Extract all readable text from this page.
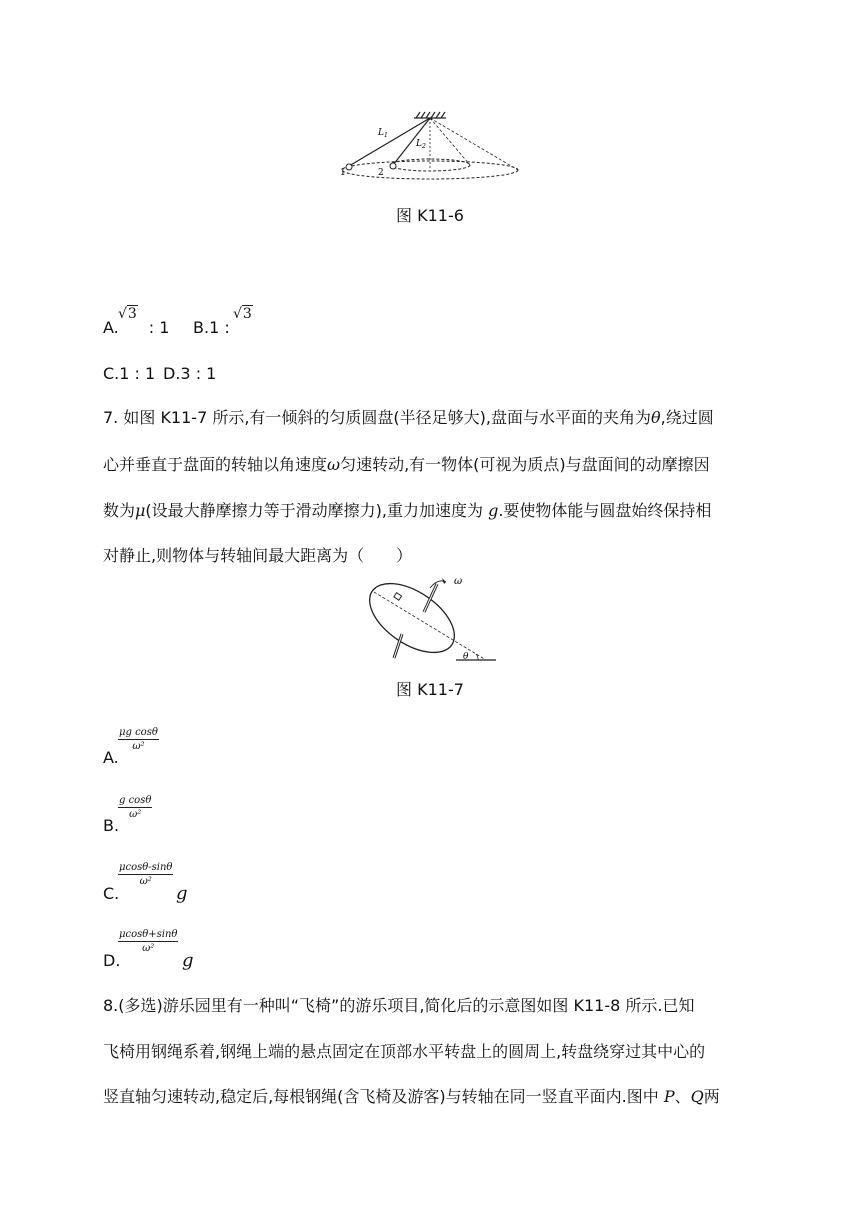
$L_1$
$L_2$
1	2
图 K11-6
A. : 1
√3
B.1 :
√3
C.1 : 1 D.3 : 1
7. 如图 K11-7 所示,有一倾斜的匀质圆盘(半径足够大),盘面与水平面的夹角为θ,绕过圆
心并垂直于盘面的转轴以角速度ω匀速转动,有一物体(可视为质点)与盘面间的动摩擦因
数为μ(设最大静摩擦力等于滑动摩擦力),重力加速度为 g.要使物体能与圆盘始终保持相
对静止,则物体与转轴间最大距离为（　　）
ω
θ
图 K11-7
A.
$\frac{\text{μg cosθ}}{\text{ω²}}$
B.
$\frac{\text{g cosθ}}{\text{ω²}}$
C.
$\frac{\mu\cos\theta-\sin\theta}{\text{ω²}}$
g
D.
$\frac{\mu\cos\theta+\sin\theta}{\text{ω²}}$
g
8.(多选)游乐园里有一种叫“飞椅”的游乐项目,简化后的示意图如图 K11-8 所示.已知
飞椅用钢绳系着,钢绳上端的悬点固定在顶部水平转盘上的圆周上,转盘绕穿过其中心的
竖直轴匀速转动,稳定后,每根钢绳(含飞椅及游客)与转轴在同一竖直平面内.图中 P、Q两
